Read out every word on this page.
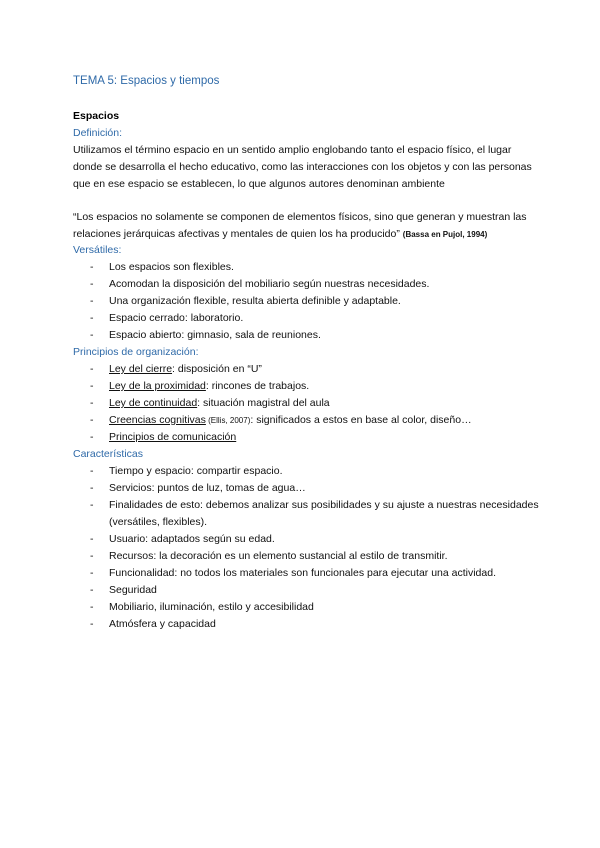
TEMA 5: Espacios y tiempos
Espacios
Definición:

Utilizamos el término espacio en un sentido amplio englobando tanto el espacio físico, el lugar donde se desarrolla el hecho educativo, como las interacciones con los objetos y con las personas que en ese espacio se establecen, lo que algunos autores denominan ambiente

“Los espacios no solamente se componen de elementos físicos, sino que generan y muestran las relaciones jerárquicas afectivas y mentales de quien los ha producido” (Bassa en Pujol, 1994)

Versátiles:
- Los espacios son flexibles.
- Acomodan la disposición del mobiliario según nuestras necesidades.
- Una organización flexible, resulta abierta definible y adaptable.
- Espacio cerrado: laboratorio.
- Espacio abierto: gimnasio, sala de reuniones.
Principios de organización:
- Ley del cierre: disposición en “U”
- Ley de la proximidad: rincones de trabajos.
- Ley de continuidad: situación magistral del aula
- Creencias cognitivas (Ellis, 2007): significados a estos en base al color, diseño…
- Principios de comunicación
Características
- Tiempo y espacio: compartir espacio.
- Servicios: puntos de luz, tomas de agua…
- Finalidades de esto: debemos analizar sus posibilidades y su ajuste a nuestras necesidades (versátiles, flexibles).
- Usuario: adaptados según su edad.
- Recursos: la decoración es un elemento sustancial al estilo de transmitir.
- Funcionalidad: no todos los materiales son funcionales para ejecutar una actividad.
- Seguridad
- Mobiliario, iluminación, estilo y accesibilidad
- Atmósfera y capacidad
